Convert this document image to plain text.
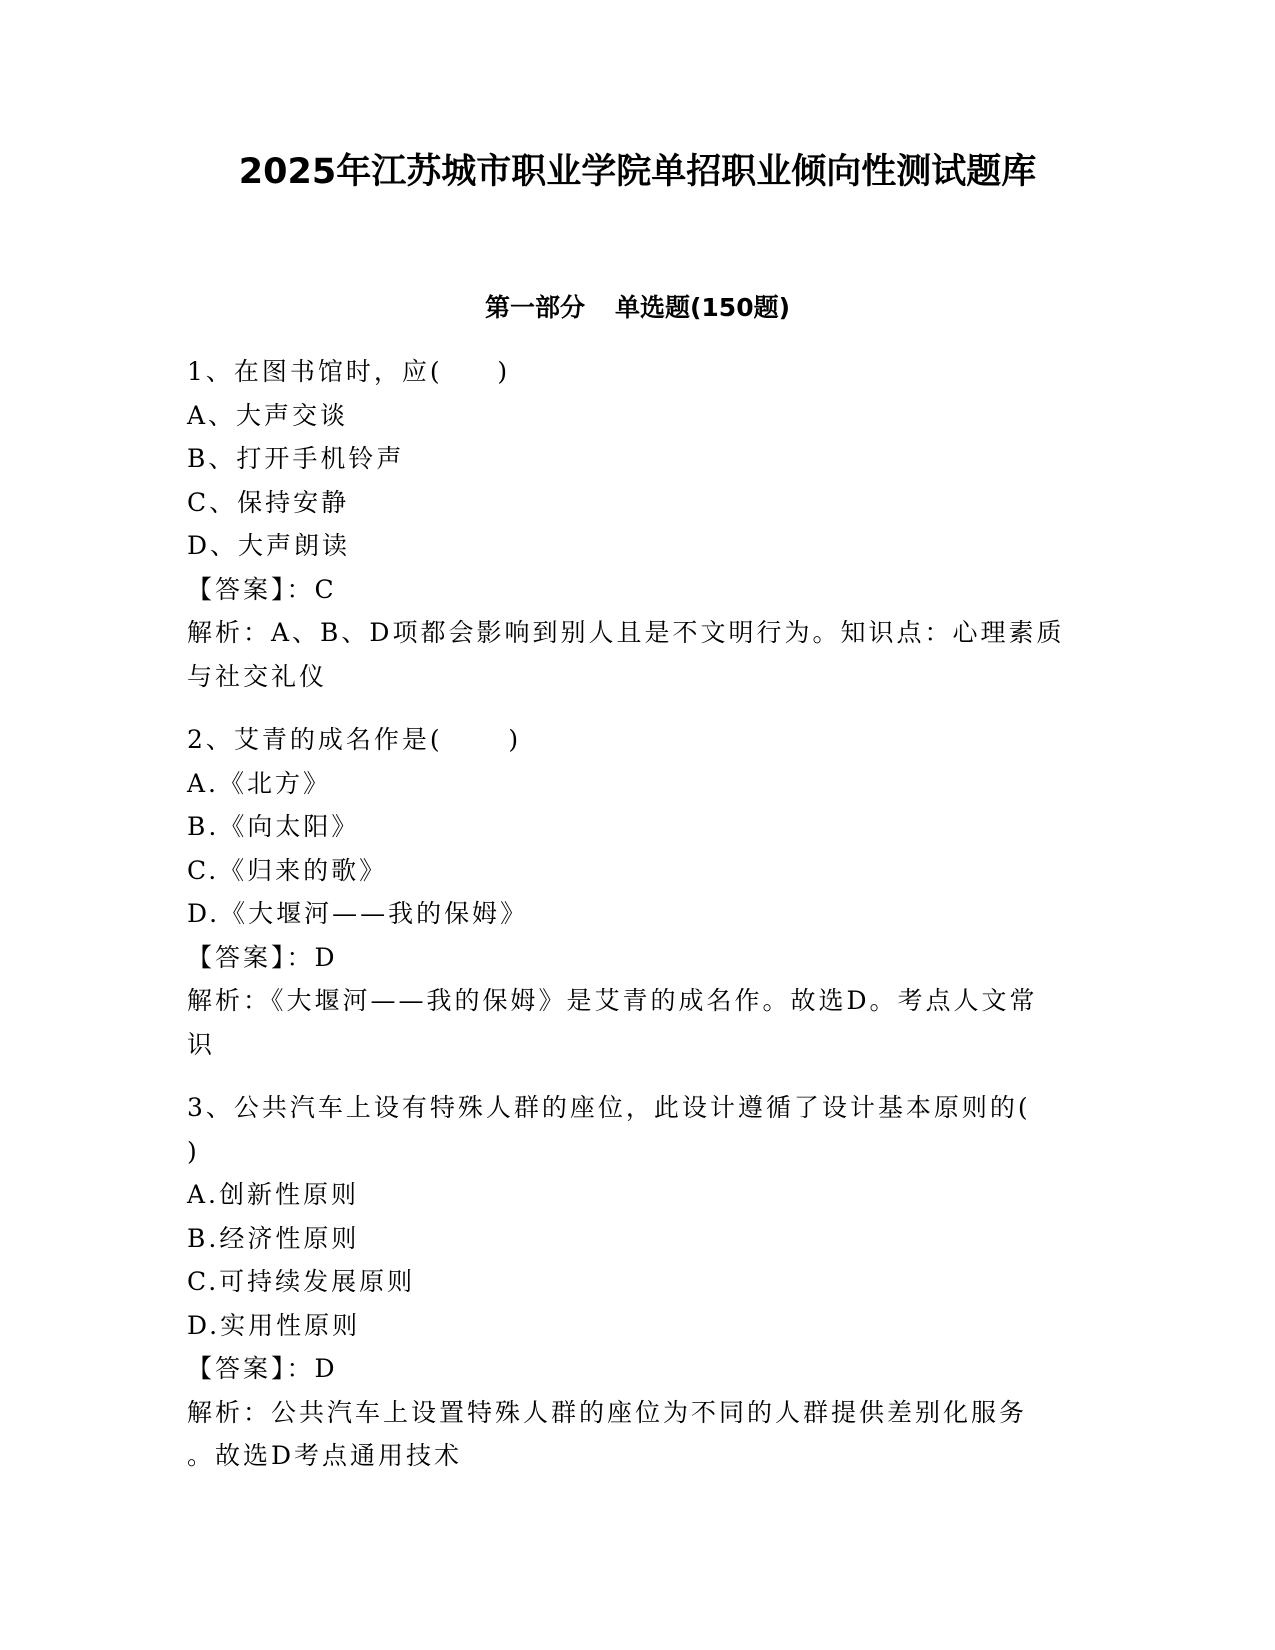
2025年江苏城市职业学院单招职业倾向性测试题库
第一部分 单选题(150题)

1、在图书馆时，应(     )

A、大声交谈

B、打开手机铃声

C、保持安静

D、大声朗读

【答案】：C

解析：A、B、D项都会影响到别人且是不文明行为。知识点：心理素质

与社交礼仪

2、艾青的成名作是(      )

A.《北方》

B.《向太阳》

C.《归来的歌》

D.《大堰河——我的保姆》

【答案】：D

解析：《大堰河——我的保姆》是艾青的成名作。故选D。考点人文常

识

3、公共汽车上设有特殊人群的座位，此设计遵循了设计基本原则的(

)

A.创新性原则

B.经济性原则

C.可持续发展原则

D.实用性原则

【答案】：D

解析：公共汽车上设置特殊人群的座位为不同的人群提供差别化服务

。故选D考点通用技术
